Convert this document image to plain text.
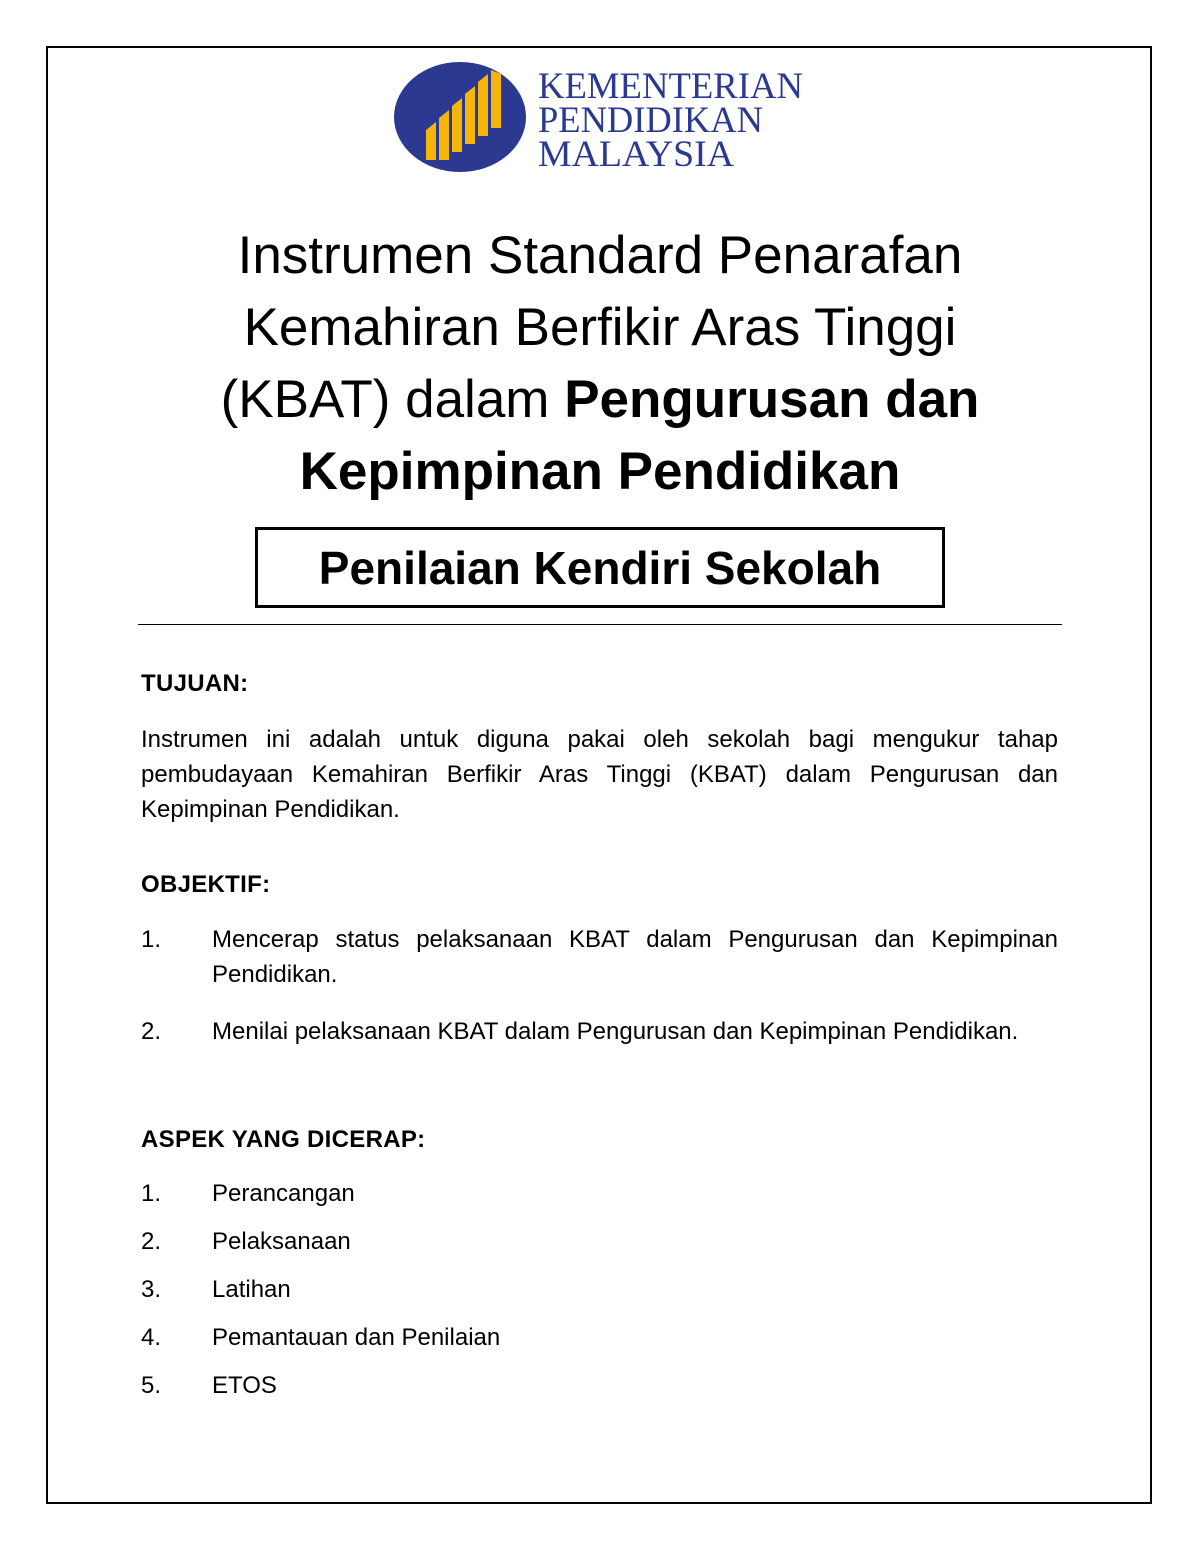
KEMENTERIAN
PENDIDIKAN
MALAYSIA
Instrumen Standard Penarafan
Kemahiran Berfikir Aras Tinggi
(KBAT) dalam Pengurusan dan
Kepimpinan Pendidikan
Penilaian Kendiri Sekolah
TUJUAN:
Instrumen ini adalah untuk diguna pakai oleh sekolah bagi mengukur tahap pembudayaan Kemahiran Berfikir Aras Tinggi (KBAT) dalam Pengurusan dan Kepimpinan Pendidikan.
OBJEKTIF:
1. Mencerap status pelaksanaan KBAT dalam Pengurusan dan Kepimpinan Pendidikan.
2. Menilai pelaksanaan KBAT dalam Pengurusan dan Kepimpinan Pendidikan.
ASPEK YANG DICERAP:
1. Perancangan
2. Pelaksanaan
3. Latihan
4. Pemantauan dan Penilaian
5. ETOS
